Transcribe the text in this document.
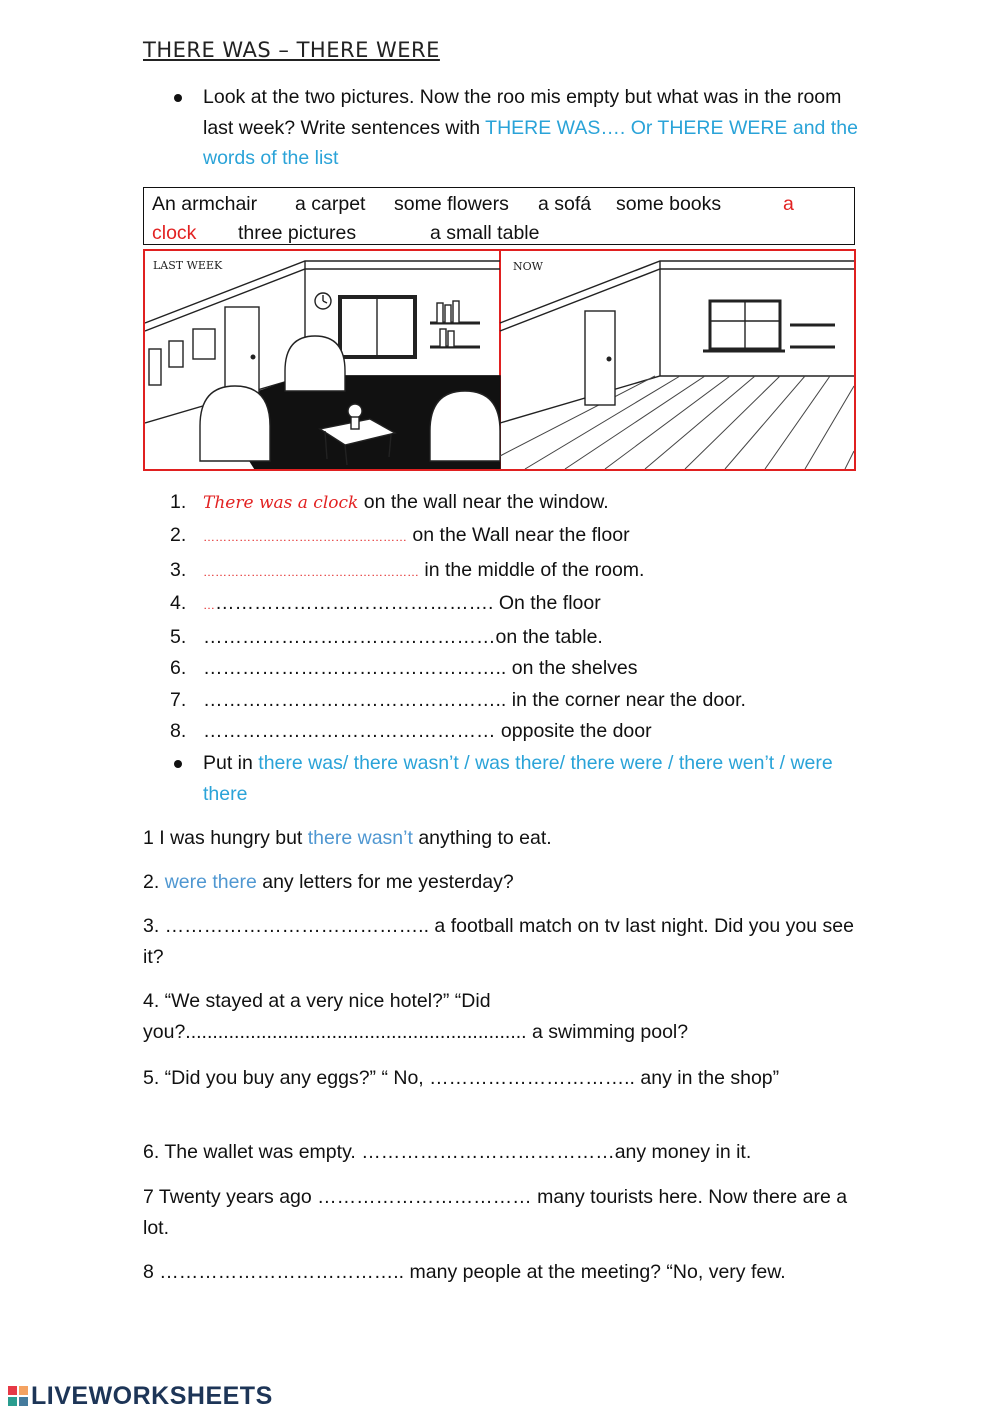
THERE WAS – THERE WERE
Look at the two pictures. Now the roo mis empty but what was in the room last week? Write sentences with THERE WAS…. Or THERE WERE and the words of the list
An armchair a carpet some flowers a sofá some books	a
clock three pictures	a small table
LAST WEEK	NOW
1. There was a clock on the wall near the window.
2.	…………………………………………… on the Wall near the floor
3.	……………………………………………… in the middle of the room.
4.	………………………………………. On the floor
5. ………………………………………on the table.
6. ……………………………………….. on the shelves
7. ……………………………………….. in the corner near the door.
8. ……………………………………… opposite the door
Put in there was/ there wasn’t / was there/ there were / there wen’t / were there
1 I was hungry but there wasn’t anything to eat.
2. were there any letters for me yesterday?
3. ………………………………….. a football match on tv last night. Did you you see it?
4. “We stayed at a very nice hotel?” “Did you?............................................................... a swimming pool?
5. “Did you buy any eggs?” “ No, ………………………….. any in the shop”
6. The wallet was empty. …………………………………any money in it.
7 Twenty years ago …………………………… many tourists here. Now there are a lot.
8 ……………………………….. many people at the meeting? “No, very few.
LIVEWORKSHEETS
